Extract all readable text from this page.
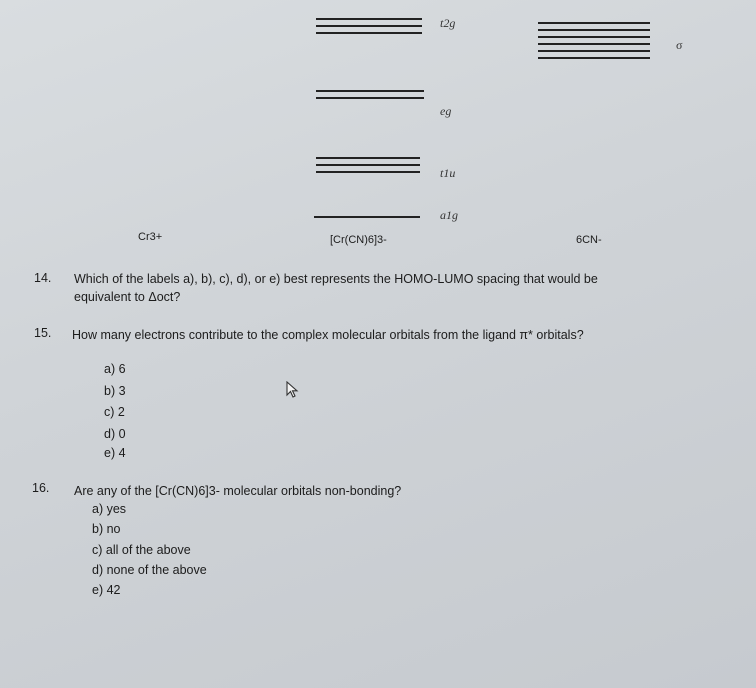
t2g
σ
eg
t1u
a1g
Cr3+	[Cr(CN)6]3-	6CN-
14. Which of the labels a), b), c), d), or e) best represents the HOMO-LUMO spacing that would be
equivalent to Δoct?
15. How many electrons contribute to the complex molecular orbitals from the ligand π* orbitals?
a) 6
b) 3
c) 2
d) 0
e) 4
16. Are any of the [Cr(CN)6]3- molecular orbitals non-bonding?
a) yes
b) no
c) all of the above
d) none of the above
e) 42
